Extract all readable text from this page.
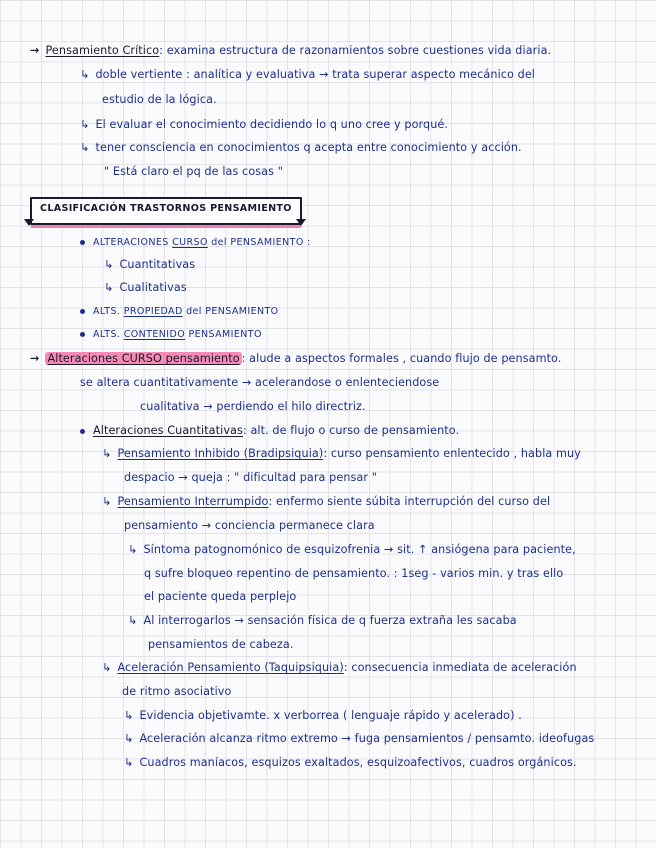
→ Pensamiento Crítico: examina estructura de razonamientos sobre cuestiones vida diaria.
↳ doble vertiente : analítica y evaluativa → trata superar aspecto mecánico del
estudio de la lógica.
↳ El evaluar el conocimiento decidiendo lo q uno cree y porqué.
↳ tener consciencia en conocimientos q acepta entre conocimiento y acción.
" Está claro el pq de las cosas "
CLASIFICACIÓN TRASTORNOS PENSAMIENTO
ALTERACIONES CURSO del PENSAMIENTO :
↳ Cuantitativas
↳ Cualitativas
ALTS. PROPIEDAD del PENSAMIENTO
ALTS. CONTENIDO PENSAMIENTO
→ Alteraciones CURSO pensamiento : alude a aspectos formales , cuando flujo de pensamto.
se altera cuantitativamente → acelerandose o enlenteciendose
cualitativa → perdiendo el hilo directriz.
Alteraciones Cuantitativas: alt. de flujo o curso de pensamiento.
↳ Pensamiento Inhibido (Bradipsiquia): curso pensamiento enlentecido , habla muy
despacio → queja : " dificultad para pensar "
↳ Pensamiento Interrumpido: enfermo siente súbita interrupción del curso del
pensamiento → conciencia permanece clara
↳ Síntoma patognomónico de esquizofrenia → sit. ↑ ansiógena para paciente,
q sufre bloqueo repentino de pensamiento. : 1seg - varios min. y tras ello
el paciente queda perplejo
↳ Al interrogarlos → sensación física de q fuerza extraña les sacaba
pensamientos de cabeza.
↳ Aceleración Pensamiento (Taquipsiquia): consecuencia inmediata de aceleración
de ritmo asociativo
↳ Evidencia objetivamte. x verborrea ( lenguaje rápido y acelerado) .
↳ Aceleración alcanza ritmo extremo → fuga pensamientos / pensamto. ideofugas
↳ Cuadros maníacos, esquizos exaltados, esquizoafectivos, cuadros orgánicos.
